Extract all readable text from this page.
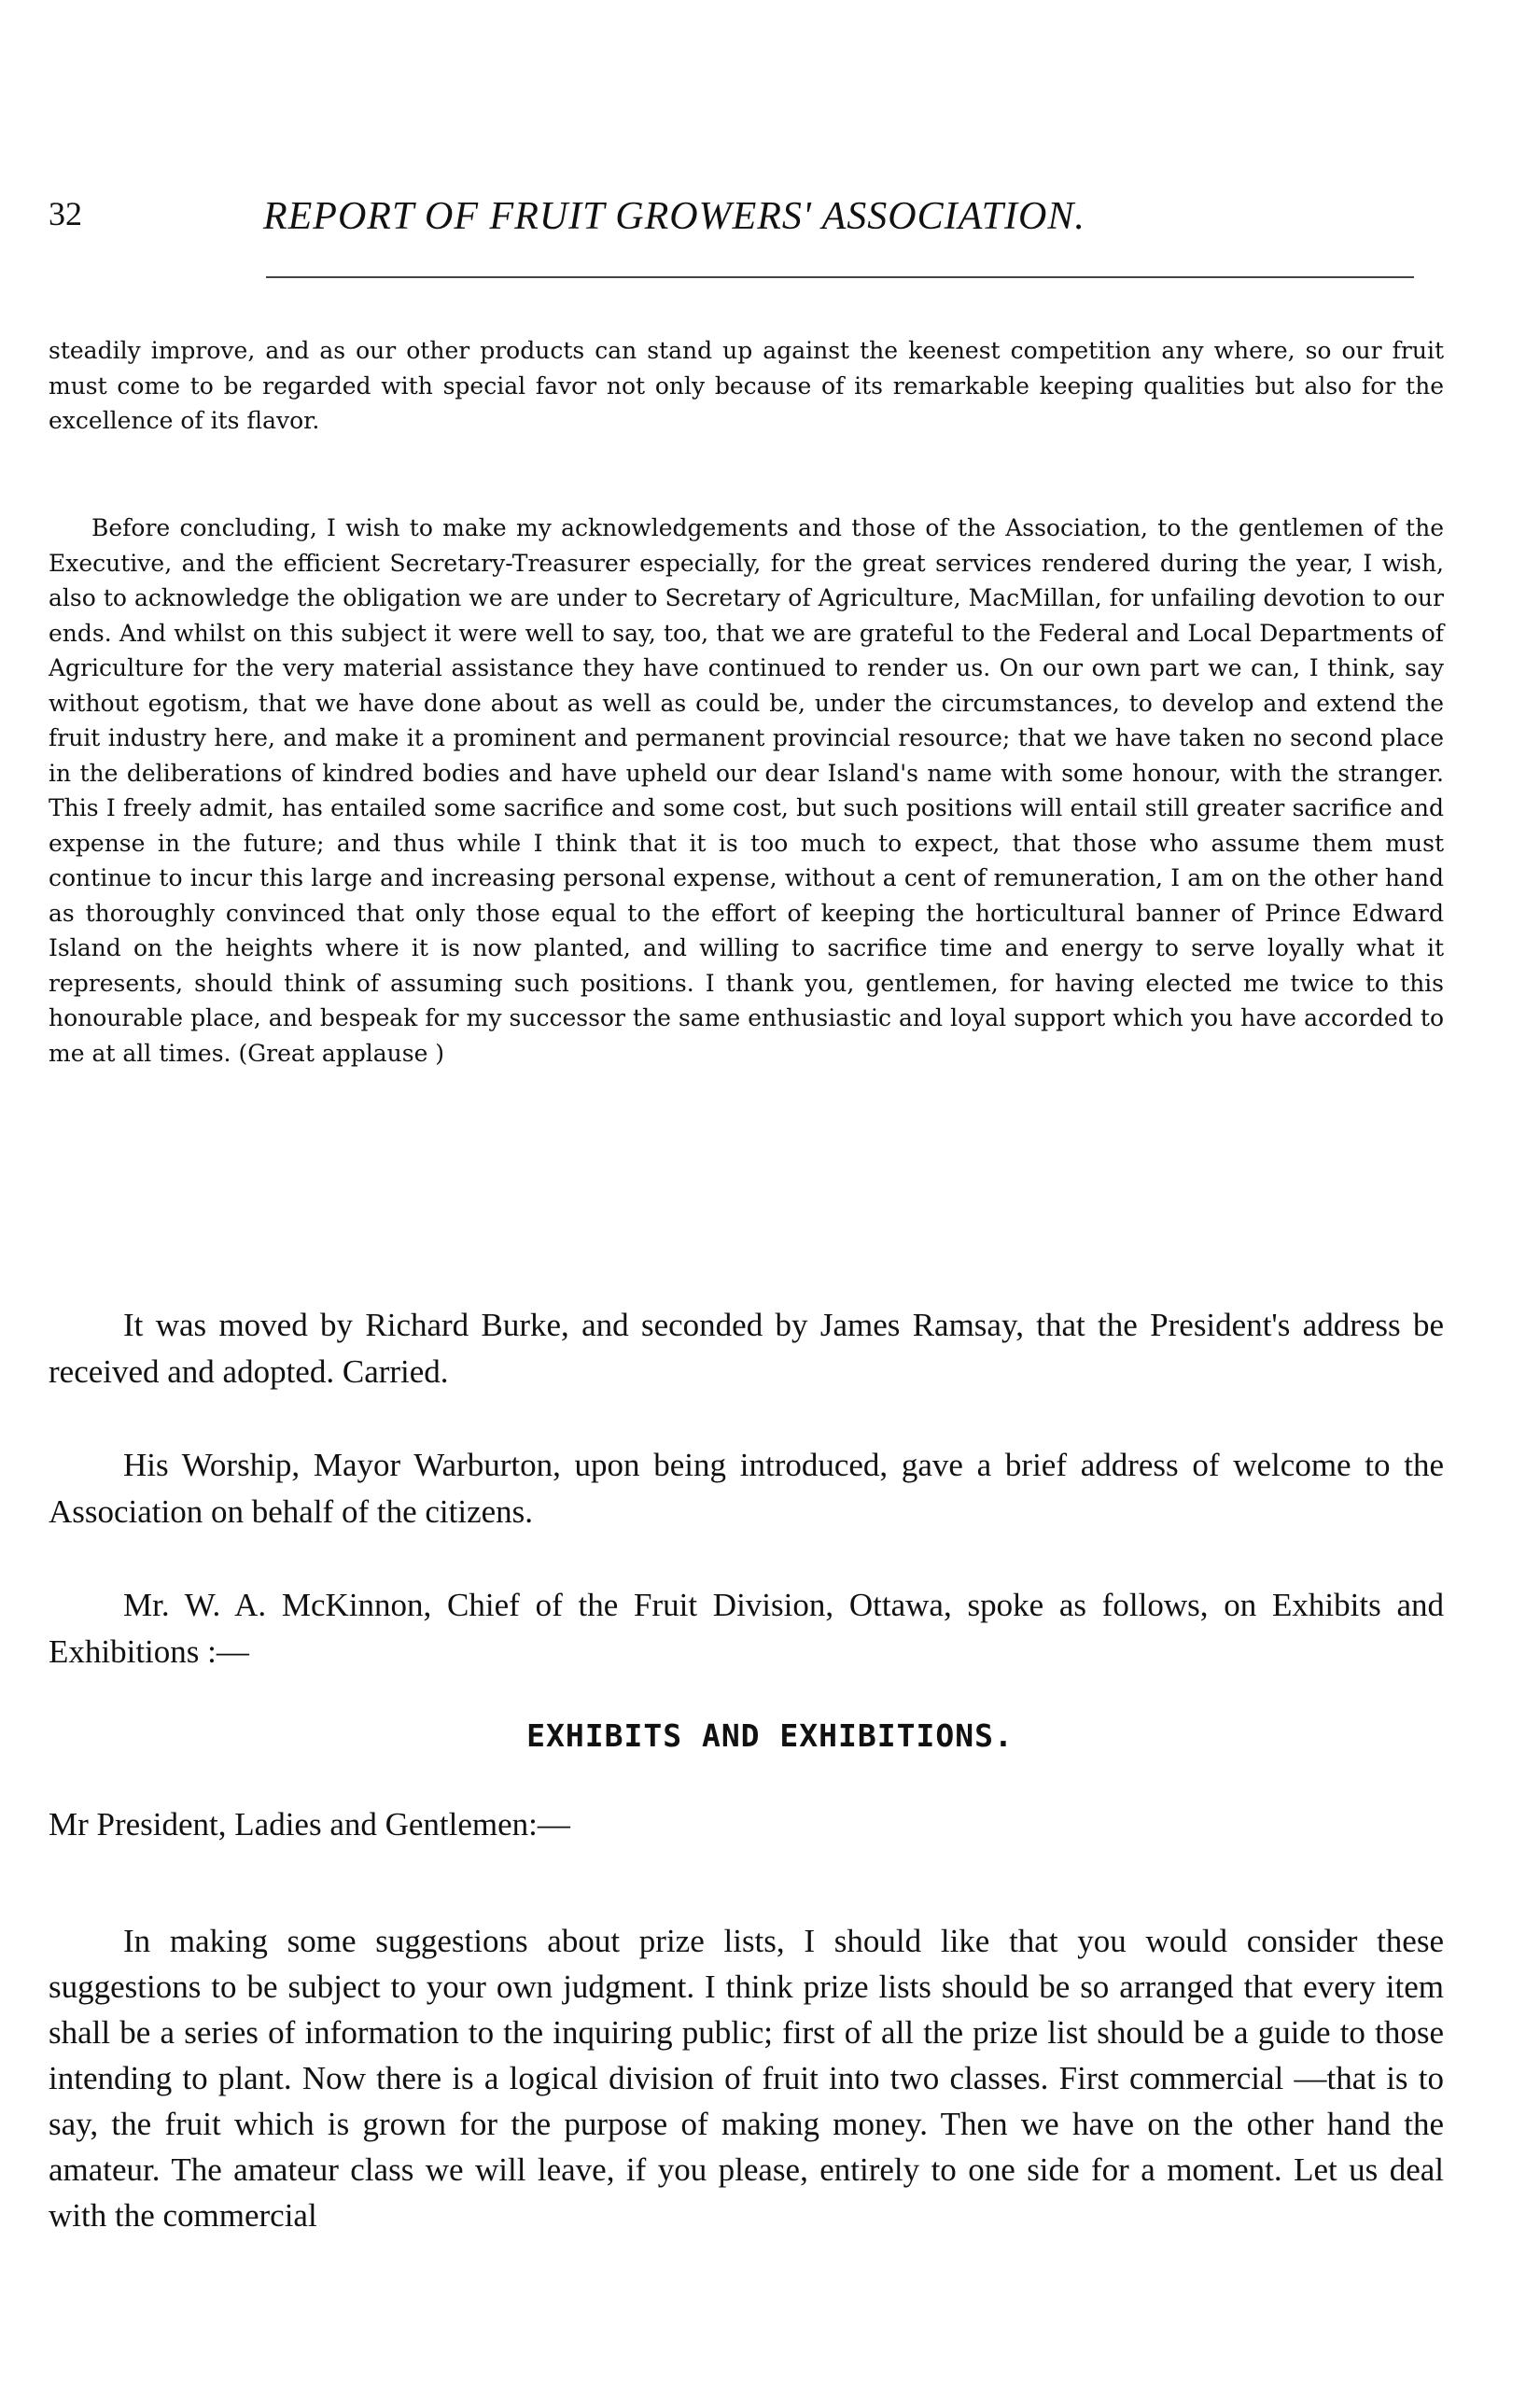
32	REPORT OF FRUIT GROWERS' ASSOCIATION.

steadily improve, and as our other products can stand up against the keenest competition any where, so our fruit must come to be regarded with special favor not only because of its remarkable keeping qualities but also for the excellence of its flavor.

Before concluding, I wish to make my acknowledgements and those of the Association, to the gentlemen of the Executive, and the efficient Secretary-Treasurer especially, for the great services rendered during the year, I wish, also to acknowledge the obligation we are under to Secretary of Agriculture, MacMillan, for unfailing devotion to our ends. And whilst on this subject it were well to say, too, that we are grateful to the Federal and Local Departments of Agriculture for the very material assistance they have continued to render us. On our own part we can, I think, say without egotism, that we have done about as well as could be, under the circumstances, to develop and extend the fruit industry here, and make it a prominent and permanent provincial resource; that we have taken no second place in the deliberations of kindred bodies and have upheld our dear Island's name with some honour, with the stranger. This I freely admit, has entailed some sacrifice and some cost, but such positions will entail still greater sacrifice and expense in the future; and thus while I think that it is too much to expect, that those who assume them must continue to incur this large and increasing personal expense, without a cent of remuneration, I am on the other hand as thoroughly convinced that only those equal to the effort of keeping the horticultural banner of Prince Edward Island on the heights where it is now planted, and willing to sacrifice time and energy to serve loyally what it represents, should think of assuming such positions. I thank you, gentlemen, for having elected me twice to this honourable place, and bespeak for my successor the same enthusiastic and loyal support which you have accorded to me at all times. (Great applause )

It was moved by Richard Burke, and seconded by James Ramsay, that the President's address be received and adopted. Carried.

His Worship, Mayor Warburton, upon being introduced, gave a brief address of welcome to the Association on behalf of the citizens.

Mr. W. A. McKinnon, Chief of the Fruit Division, Ottawa, spoke as follows, on Exhibits and Exhibitions :—

EXHIBITS AND EXHIBITIONS.
Mr President, Ladies and Gentlemen:—

In making some suggestions about prize lists, I should like that you would consider these suggestions to be subject to your own judgment. I think prize lists should be so arranged that every item shall be a series of information to the inquiring public; first of all the prize list should be a guide to those intending to plant. Now there is a logical division of fruit into two classes. First commercial —that is to say, the fruit which is grown for the purpose of making money. Then we have on the other hand the amateur. The amateur class we will leave, if you please, entirely to one side for a moment. Let us deal with the commercial
